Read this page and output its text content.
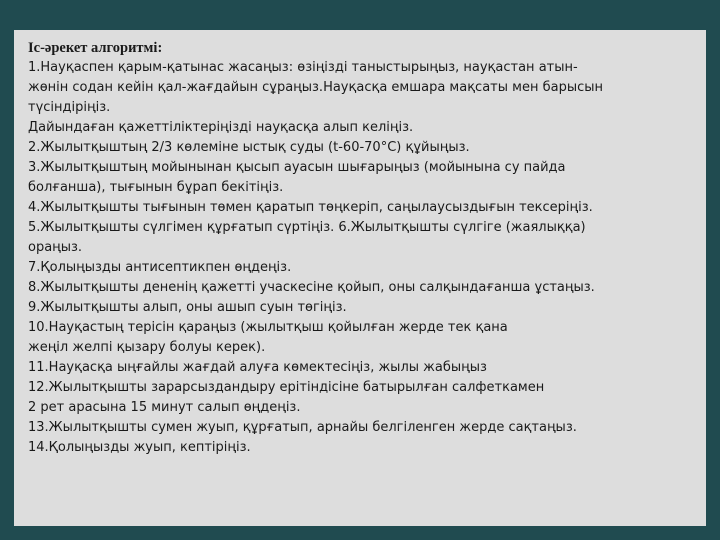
Іс-әрекет алгоритмі:

1.Науқаспен қарым-қатынас жасаңыз: өзіңізді таныстырыңыз, науқастан атын-

жөнін содан кейін қал-жағдайын сұраңыз.Науқасқа емшара мақсаты мен барысын

түсіндіріңіз.

Дайындаған қажеттіліктеріңізді науқасқа алып келіңіз.

2.Жылытқыштың 2/3 көлеміне ыстық суды (t-60-70°С) құйыңыз.

3.Жылытқыштың мойынынан қысып ауасын шығарыңыз (мойынына су пайда

болғанша), тығынын бұрап бекітіңіз.

4.Жылытқышты тығынын төмен қаратып төңкеріп, саңылаусыздығын тексеріңіз.

5.Жылытқышты сүлгімен құрғатып сүртіңіз. 6.Жылытқышты сүлгіге (жаялыққа)

ораңыз.

7.Қолыңызды антисептикпен өңдеңіз.

8.Жылытқышты дененің қажетті учаскесіне қойып, оны салқындағанша ұстаңыз.

9.Жылытқышты алып, оны ашып суын төгіңіз.

10.Науқастың терісін қараңыз (жылытқыш қойылған жерде тек қана

жеңіл желпі қызару болуы керек).

11.Науқасқа ыңғайлы жағдай алуға көмектесіңіз, жылы жабыңыз

12.Жылытқышты зарарсыздандыру ерітіндісіне батырылған салфеткамен

2 рет арасына 15 минут салып өңдеңіз.

13.Жылытқышты сумен жуып, құрғатып, арнайы белгіленген жерде сақтаңыз.

14.Қолыңызды жуып, кептіріңіз.
